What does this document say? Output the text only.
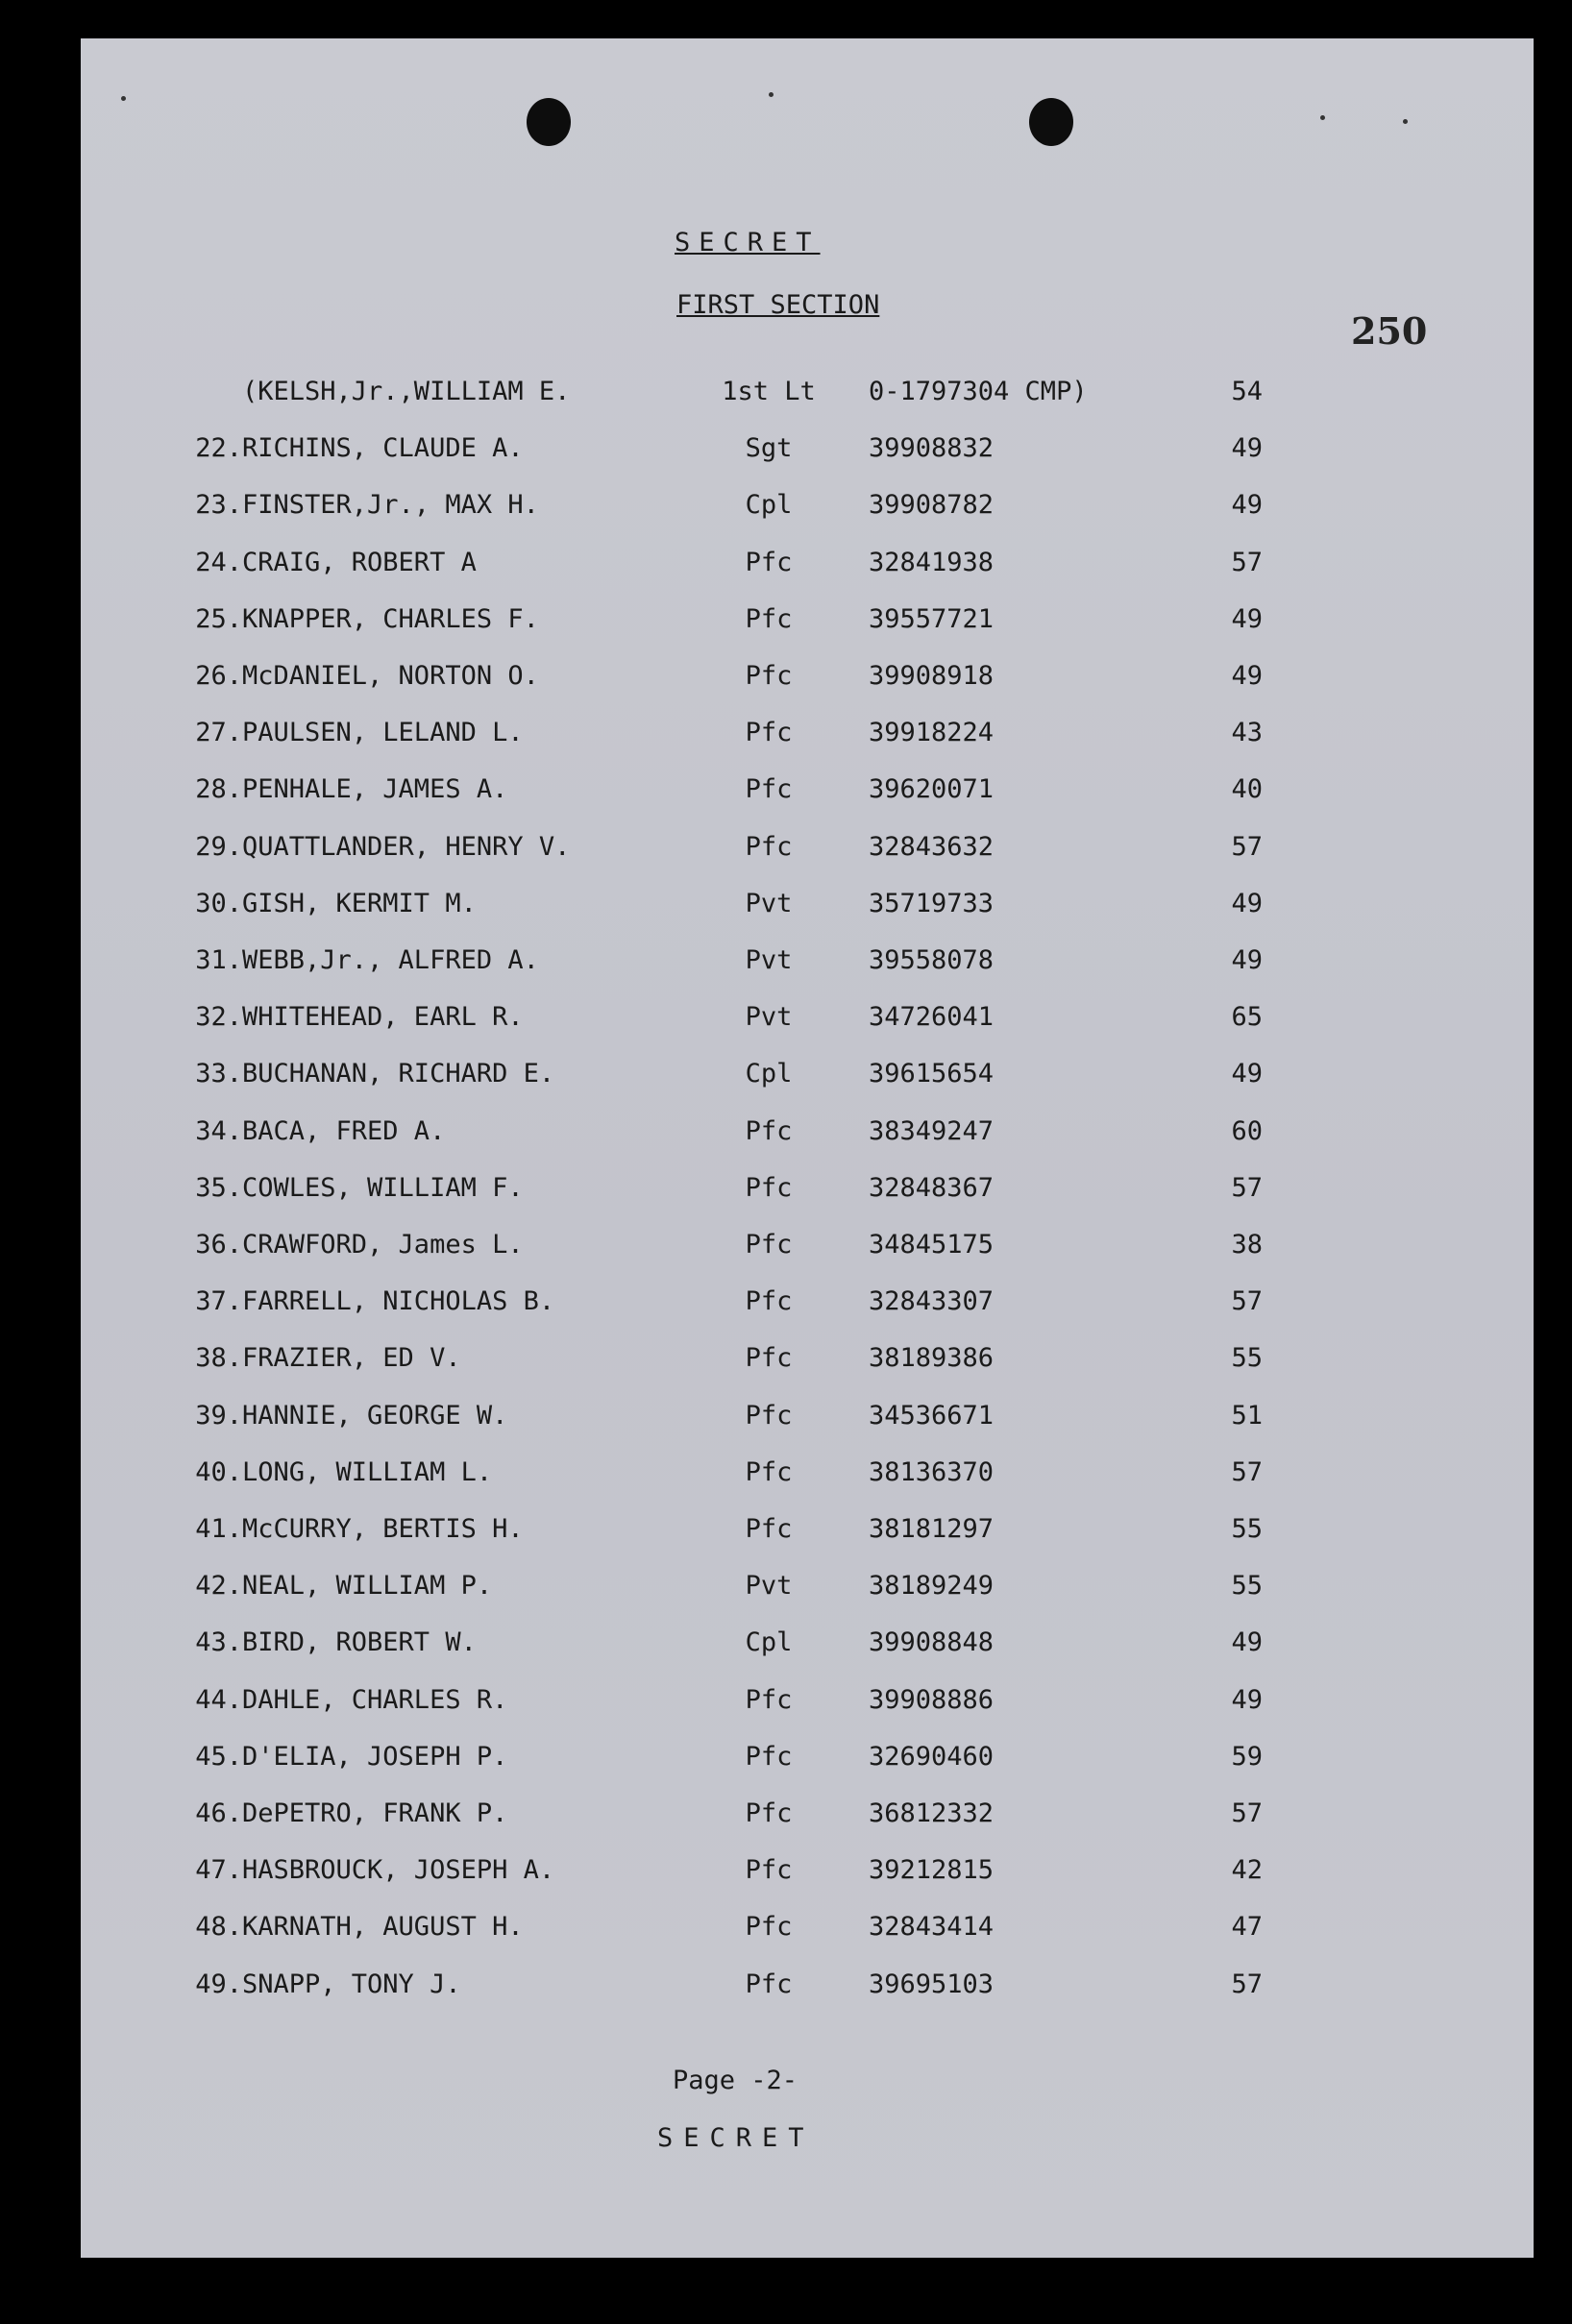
SECRET
FIRST SECTION
250
(KELSH,Jr.,WILLIAM E.	1st Lt	0-1797304 CMP)	54
22. RICHINS, CLAUDE A.	Sgt	39908832	49
23. FINSTER,Jr., MAX H.	Cpl	39908782	49
24. CRAIG, ROBERT A	Pfc	32841938	57
25. KNAPPER, CHARLES F.	Pfc	39557721	49
26. McDANIEL, NORTON O.	Pfc	39908918	49
27. PAULSEN, LELAND L.	Pfc	39918224	43
28. PENHALE, JAMES A.	Pfc	39620071	40
29. QUATTLANDER, HENRY V.	Pfc	32843632	57
30. GISH, KERMIT M.	Pvt	35719733	49
31. WEBB,Jr., ALFRED A.	Pvt	39558078	49
32. WHITEHEAD, EARL R.	Pvt	34726041	65
33. BUCHANAN, RICHARD E.	Cpl	39615654	49
34. BACA, FRED A.	Pfc	38349247	60
35. COWLES, WILLIAM F.	Pfc	32848367	57
36. CRAWFORD, James L.	Pfc	34845175	38
37. FARRELL, NICHOLAS B.	Pfc	32843307	57
38. FRAZIER, ED V.	Pfc	38189386	55
39. HANNIE, GEORGE W.	Pfc	34536671	51
40. LONG, WILLIAM L.	Pfc	38136370	57
41. McCURRY, BERTIS H.	Pfc	38181297	55
42. NEAL, WILLIAM P.	Pvt	38189249	55
43. BIRD, ROBERT W.	Cpl	39908848	49
44. DAHLE, CHARLES R.	Pfc	39908886	49
45. D'ELIA, JOSEPH P.	Pfc	32690460	59
46. DePETRO, FRANK P.	Pfc	36812332	57
47. HASBROUCK, JOSEPH A.	Pfc	39212815	42
48. KARNATH, AUGUST H.	Pfc	32843414	47
49. SNAPP, TONY J.	Pfc	39695103	57
Page -2-
SECRET
